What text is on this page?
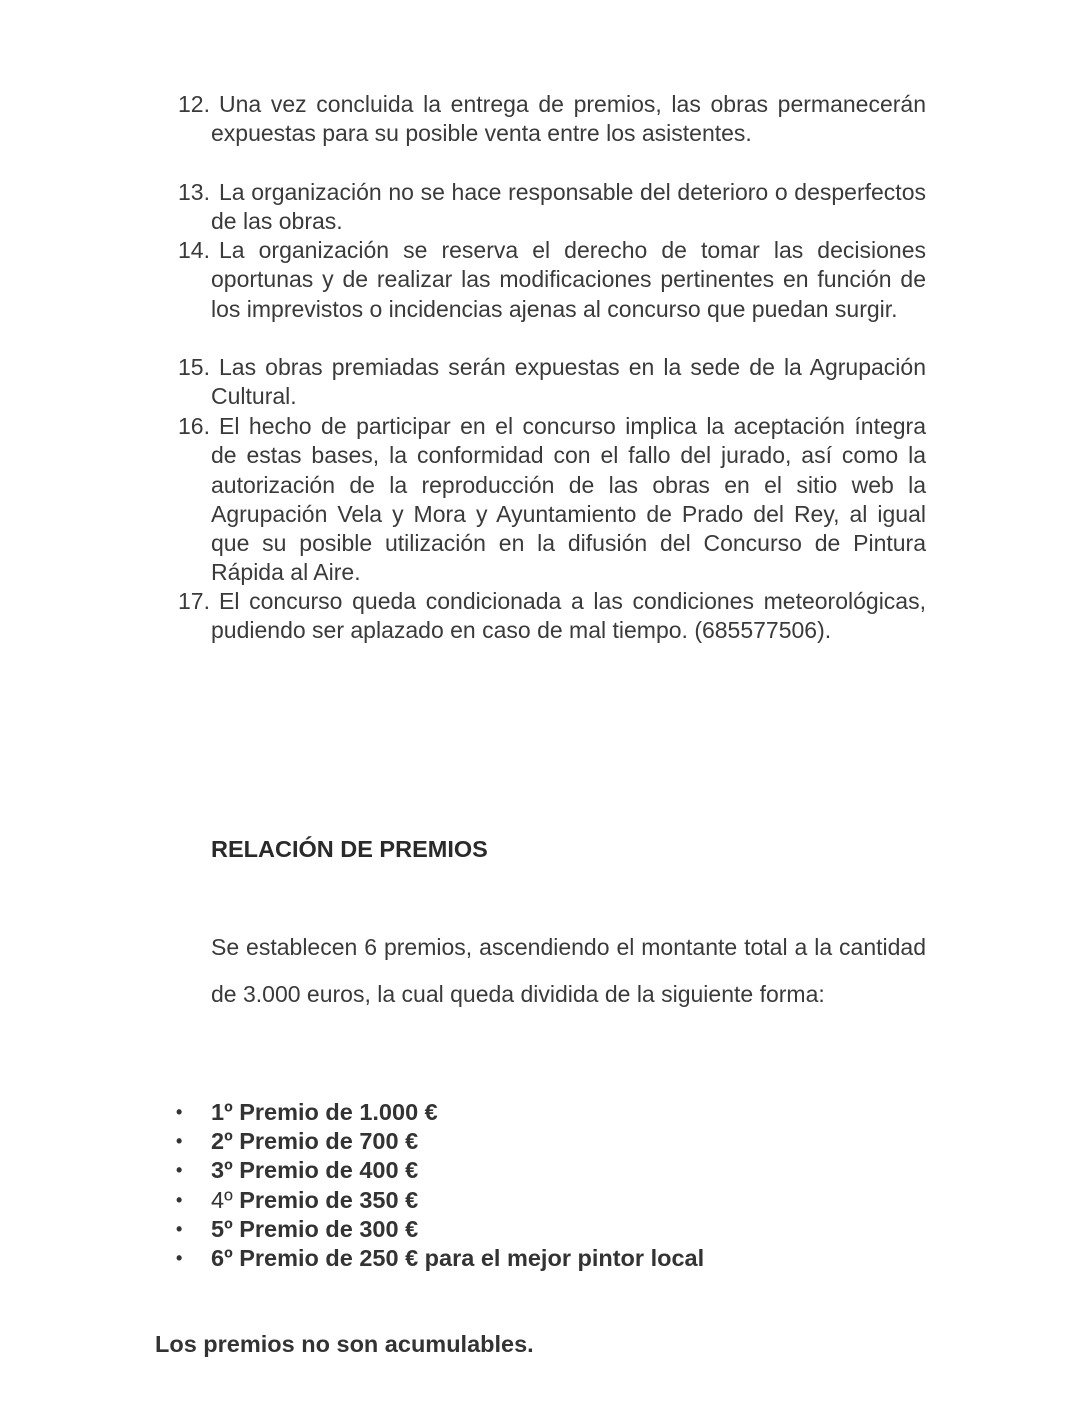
12. Una vez concluida la entrega de premios, las obras permanecerán expuestas para su posible venta entre los asistentes.
13. La organización no se hace responsable del deterioro o desperfectos de las obras.
14. La organización se reserva el derecho de tomar las decisiones oportunas y de realizar las modificaciones pertinentes en función de los imprevistos o incidencias ajenas al concurso que puedan surgir.
15. Las obras premiadas serán expuestas en la sede de la Agrupación Cultural.
16. El hecho de participar en el concurso implica la aceptación íntegra de estas bases, la conformidad con el fallo del jurado, así como la autorización de la reproducción de las obras en el sitio web la Agrupación Vela y Mora y Ayuntamiento de Prado del Rey, al igual que su posible utilización en la difusión del Concurso de Pintura Rápida al Aire.
17. El concurso queda condicionada a las condiciones meteorológicas, pudiendo ser aplazado en caso de mal tiempo. (685577506).
RELACIÓN DE PREMIOS

Se establecen 6 premios, ascendiendo el montante total a la cantidad de 3.000 euros, la cual queda dividida de la siguiente forma:

• 1º Premio de 1.000 €
• 2º Premio de 700 €
• 3º Premio de 400 €
• 4º Premio de 350 €
• 5º Premio de 300 €
• 6º Premio de 250 € para el mejor pintor local
Los premios no son acumulables.
